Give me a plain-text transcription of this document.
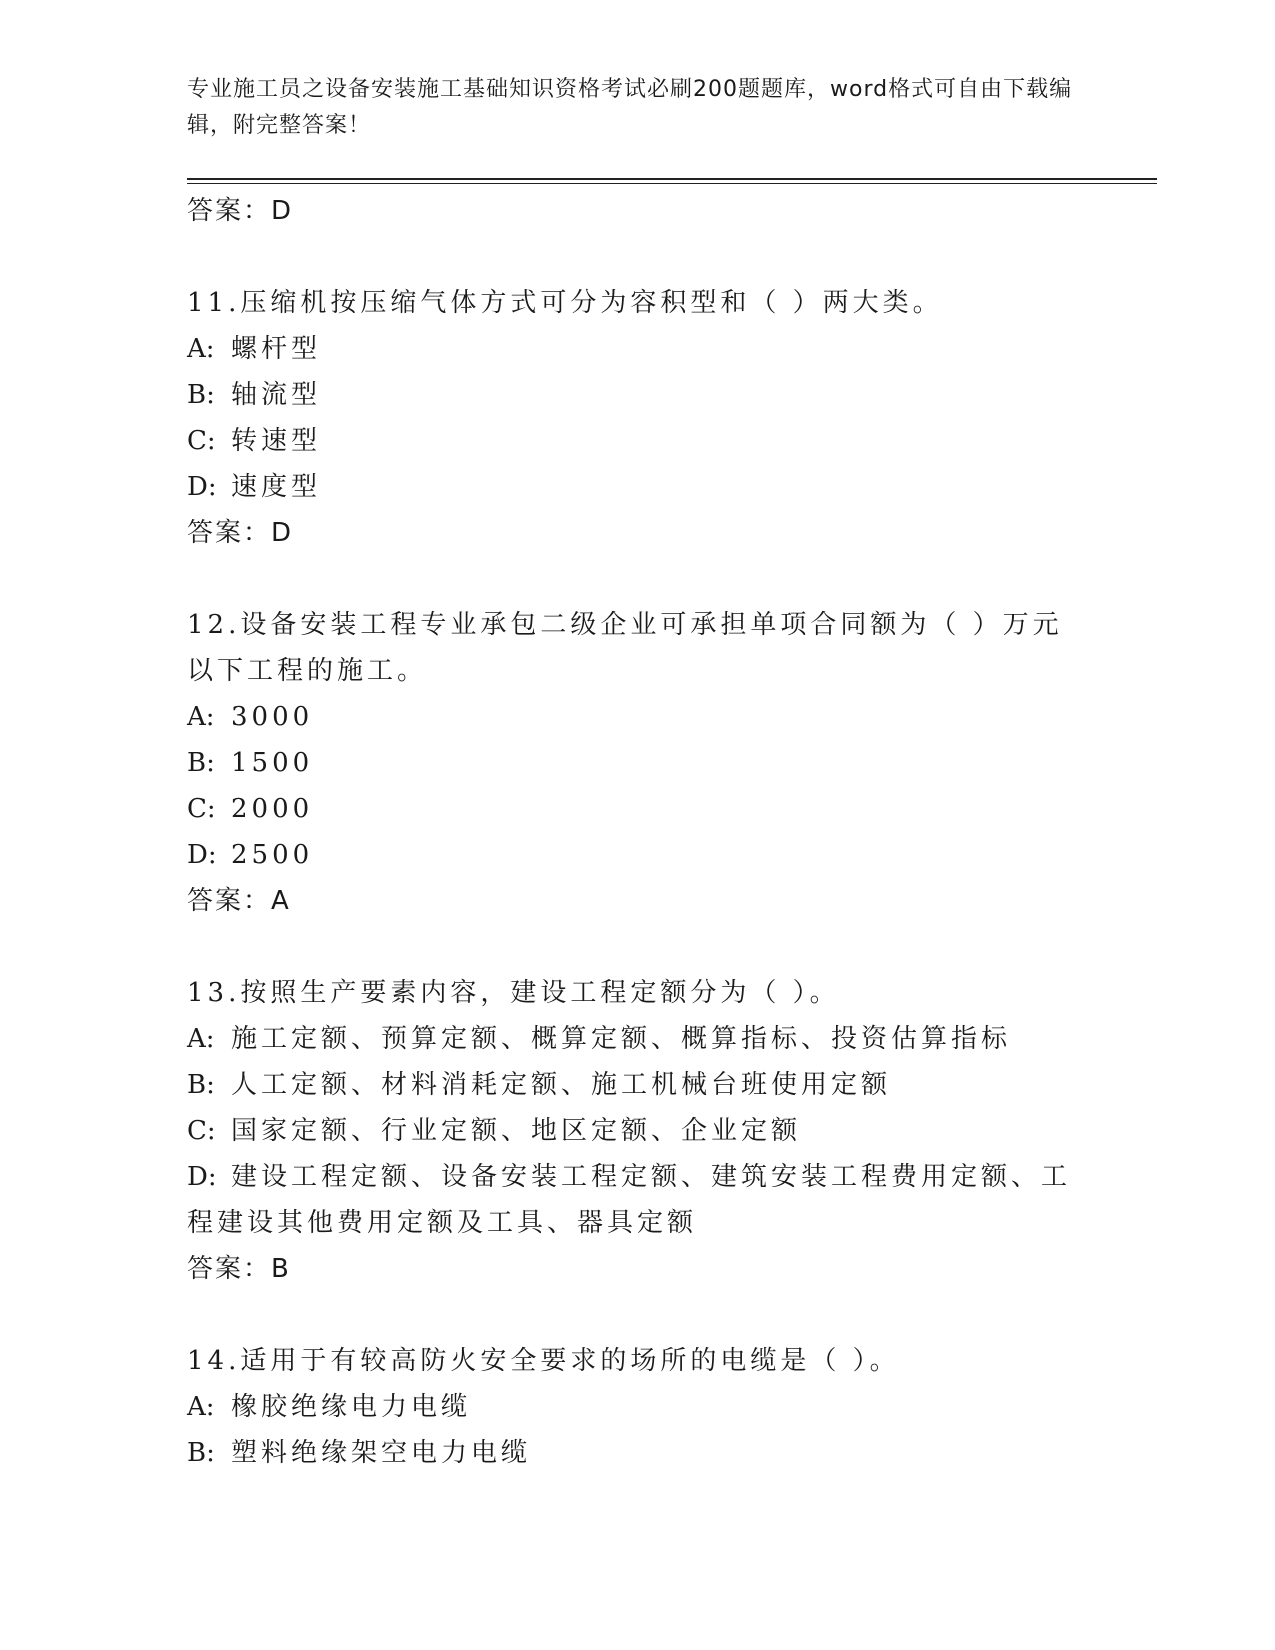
专业施工员之设备安装施工基础知识资格考试必刷200题题库，word格式可自由下载编辑，附完整答案！

答案：D

11.压缩机按压缩气体方式可分为容积型和（ ）两大类。

A: 螺杆型

B: 轴流型

C: 转速型

D: 速度型

答案：D

12.设备安装工程专业承包二级企业可承担单项合同额为（ ）万元以下工程的施工。

A: 3000

B: 1500

C: 2000

D: 2500

答案：A

13.按照生产要素内容，建设工程定额分为（ ）。

A: 施工定额、预算定额、概算定额、概算指标、投资估算指标

B: 人工定额、材料消耗定额、施工机械台班使用定额

C: 国家定额、行业定额、地区定额、企业定额

D: 建设工程定额、设备安装工程定额、建筑安装工程费用定额、工程建设其他费用定额及工具、器具定额

答案：B

14.适用于有较高防火安全要求的场所的电缆是（ ）。

A: 橡胶绝缘电力电缆

B: 塑料绝缘架空电力电缆
